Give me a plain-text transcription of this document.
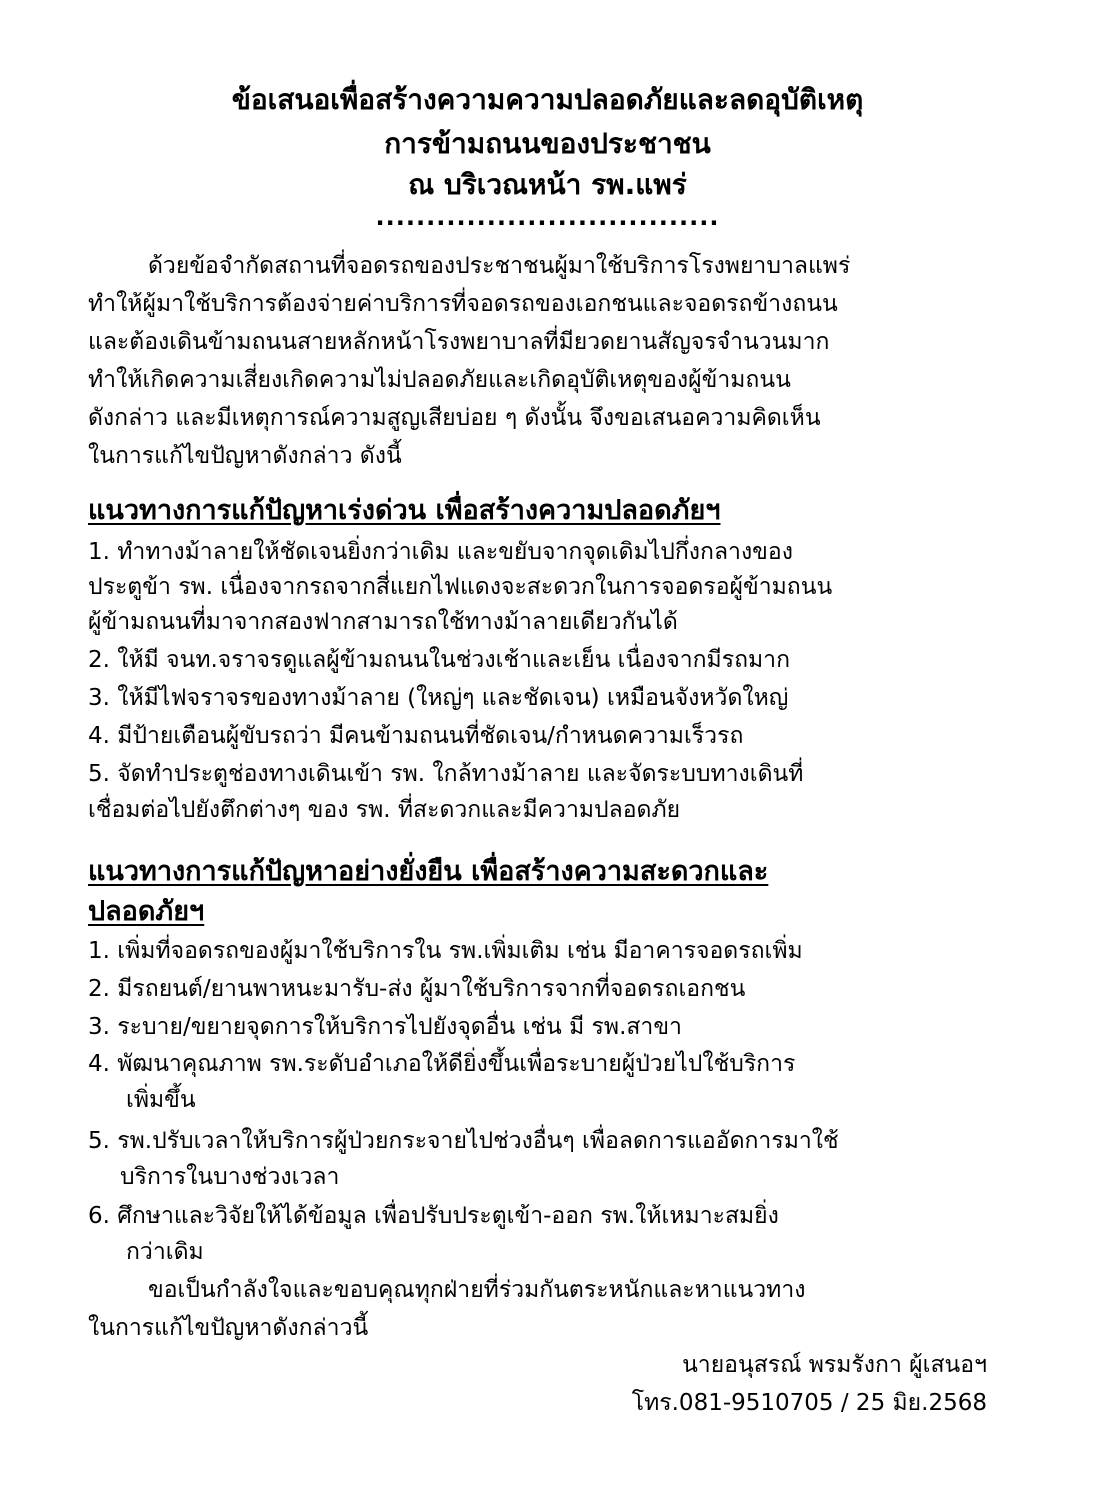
ข้อเสนอเพื่อสร้างความความปลอดภัยและลดอุบัติเหตุ
การข้ามถนนของประชาชน
ณ บริเวณหน้า รพ.แพร่
..................................
ด้วยข้อจำกัดสถานที่จอดรถของประชาชนผู้มาใช้บริการโรงพยาบาลแพร่
ทำให้ผู้มาใช้บริการต้องจ่ายค่าบริการที่จอดรถของเอกชนและจอดรถข้างถนน
และต้องเดินข้ามถนนสายหลักหน้าโรงพยาบาลที่มียวดยานสัญจรจำนวนมาก
ทำให้เกิดความเสี่ยงเกิดความไม่ปลอดภัยและเกิดอุบัติเหตุของผู้ข้ามถนน
ดังกล่าว และมีเหตุการณ์ความสูญเสียบ่อย ๆ ดังนั้น จึงขอเสนอความคิดเห็น
ในการแก้ไขปัญหาดังกล่าว ดังนี้
แนวทางการแก้ปัญหาเร่งด่วน เพื่อสร้างความปลอดภัยฯ
1. ทำทางม้าลายให้ชัดเจนยิ่งกว่าเดิม และขยับจากจุดเดิมไปกึ่งกลางของ
ประตูข้า รพ. เนื่องจากรถจากสี่แยกไฟแดงจะสะดวกในการจอดรอผู้ข้ามถนน
ผู้ข้ามถนนที่มาจากสองฟากสามารถใช้ทางม้าลายเดียวกันได้
2. ให้มี จนท.จราจรดูแลผู้ข้ามถนนในช่วงเช้าและเย็น เนื่องจากมีรถมาก
3. ให้มีไฟจราจรของทางม้าลาย (ใหญ่ๆ และชัดเจน) เหมือนจังหวัดใหญ่
4. มีป้ายเตือนผู้ขับรถว่า มีคนข้ามถนนที่ชัดเจน/กำหนดความเร็วรถ
5. จัดทำประตูช่องทางเดินเข้า รพ. ใกล้ทางม้าลาย และจัดระบบทางเดินที่
เชื่อมต่อไปยังตึกต่างๆ ของ รพ. ที่สะดวกและมีความปลอดภัย
แนวทางการแก้ปัญหาอย่างยั่งยืน เพื่อสร้างความสะดวกและ
ปลอดภัยฯ
1. เพิ่มที่จอดรถของผู้มาใช้บริการใน รพ.เพิ่มเติม เช่น มีอาคารจอดรถเพิ่ม
2. มีรถยนต์/ยานพาหนะมารับ-ส่ง ผู้มาใช้บริการจากที่จอดรถเอกชน
3. ระบาย/ขยายจุดการให้บริการไปยังจุดอื่น เช่น มี รพ.สาขา
4. พัฒนาคุณภาพ รพ.ระดับอำเภอให้ดียิ่งขึ้นเพื่อระบายผู้ป่วยไปใช้บริการ
เพิ่มขึ้น
5. รพ.ปรับเวลาให้บริการผู้ป่วยกระจายไปช่วงอื่นๆ เพื่อลดการแออัดการมาใช้
บริการในบางช่วงเวลา
6. ศึกษาและวิจัยให้ได้ข้อมูล เพื่อปรับประตูเข้า-ออก รพ.ให้เหมาะสมยิ่ง
กว่าเดิม
ขอเป็นกำลังใจและขอบคุณทุกฝ่ายที่ร่วมกันตระหนักและหาแนวทาง
ในการแก้ไขปัญหาดังกล่าวนี้
นายอนุสรณ์ พรมรังกา ผู้เสนอฯ
โทร.081-9510705 / 25 มิย.2568
